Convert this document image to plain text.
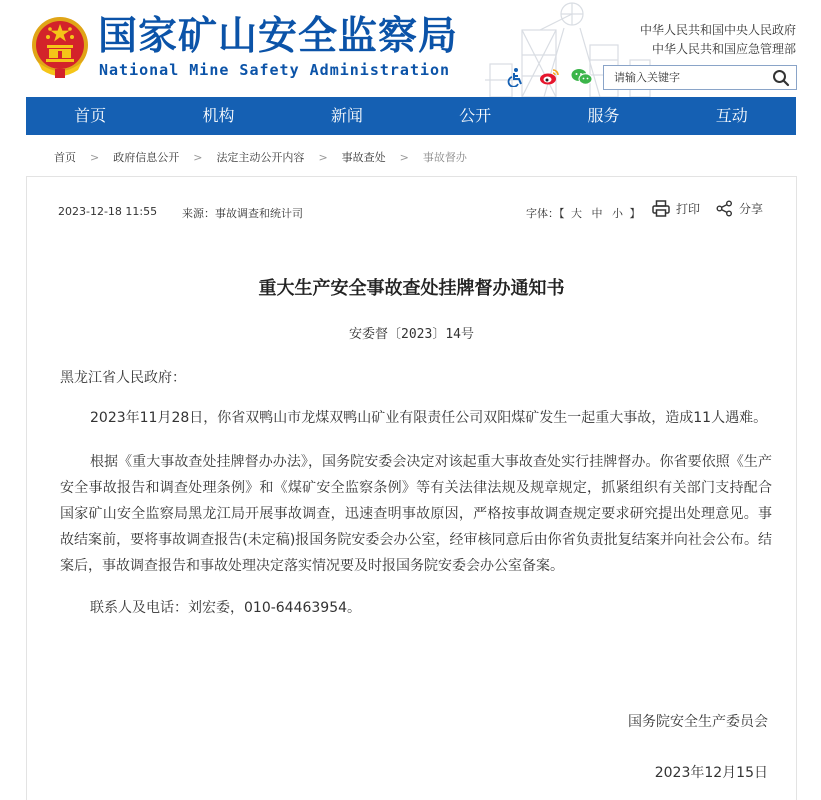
国家矿山安全监察局
National Mine Safety Administration
中华人民共和国中央人民政府
中华人民共和国应急管理部
请输入关键字
首页	机构	新闻	公开	服务	互动
首页 > 政府信息公开 > 法定主动公开内容 > 事故查处 > 事故督办
2023-12-18 11:55 来源：事故调查和统计司	字体：【 大 中 小 】	打印	分享
重大生产安全事故查处挂牌督办通知书
安委督〔2023〕14号
黑龙江省人民政府：
2023年11月28日，你省双鸭山市龙煤双鸭山矿业有限责任公司双阳煤矿发生一起重大事故，造成11人遇难。
根据《重大事故查处挂牌督办办法》，国务院安委会决定对该起重大事故查处实行挂牌督办。你省要依照《生产安全事故报告和调查处理条例》和《煤矿安全监察条例》等有关法律法规及规章规定，抓紧组织有关部门支持配合国家矿山安全监察局黑龙江局开展事故调查，迅速查明事故原因，严格按事故调查规定要求研究提出处理意见。事故结案前，要将事故调查报告(未定稿)报国务院安委会办公室，经审核同意后由你省负责批复结案并向社会公布。结案后，事故调查报告和事故处理决定落实情况要及时报国务院安委会办公室备案。
联系人及电话：刘宏委，010-64463954。
国务院安全生产委员会
2023年12月15日
